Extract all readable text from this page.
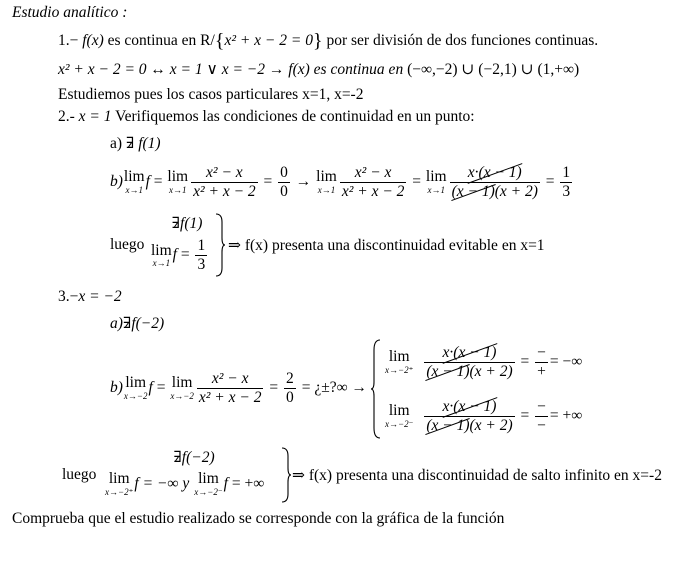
Estudio analítico :
1.− f(x) es continua en R/{x² + x − 2 = 0} por ser división de dos funciones continuas.
x² + x − 2 = 0 ↔ x = 1 ∨ x = −2 → f(x) es continua en (−∞,−2) ∪ (−2,1) ∪ (1,+∞)
Estudiemos pues los casos particulares x=1, x=-2
2.- x = 1 Verifiquemos las condiciones de continuidad en un punto:
a) ∃ f(1)
b) lim
x→1 f = lim
$x\to 1 \frac{\text{x² − x}}{\text{x² + x − 2}} = \frac{0}{0} \to \lim$
$x\to 1 \frac{\text{x² − x}}{\text{x² + x − 2}} = \lim$
$x\to 1 \frac{x\cdot(x - 1)}{(x - 1)(x + 2)} = \frac{1}{3}$
luego
∃f(1)
lim
x→1 $f = \frac{1}{3}$ ⇒ f(x) presenta una discontinuidad evitable en x=1
3.−x = −2
a)∃f(−2)
b) lim
x→−2 f = lim
$x\to-2 \frac{\text{x² − x}}{\text{x² + x − 2}} = \frac{2}{0}$ = ¿±?∞ →
lim
$x\to-2^+ \frac{x\cdot(x - 1)}{(x - 1)(x + 2)} = \frac{-}{+}$ = −∞
lim
$x\to-2^- \frac{x\cdot(x - 1)}{(x - 1)(x + 2)} = \frac{-}{-}$ = +∞
luego
∃f(−2)
lim
x→−2⁺ f = −∞ y lim
x→−2⁻ f = +∞ ⇒ f(x) presenta una discontinuidad de salto infinito en x=-2
Comprueba que el estudio realizado se corresponde con la gráfica de la función
